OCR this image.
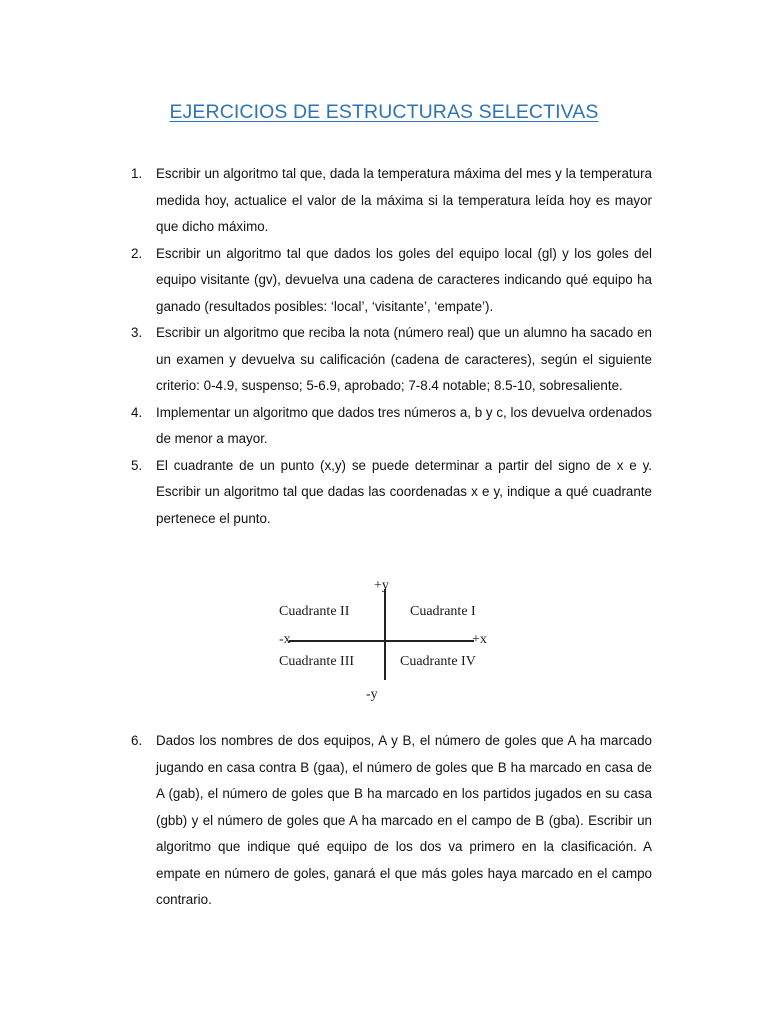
EJERCICIOS DE ESTRUCTURAS SELECTIVAS
1. Escribir un algoritmo tal que, dada la temperatura máxima del mes y la temperatura medida hoy, actualice el valor de la máxima si la temperatura leída hoy es mayor que dicho máximo.
2. Escribir un algoritmo tal que dados los goles del equipo local (gl) y los goles del equipo visitante (gv), devuelva una cadena de caracteres indicando qué equipo ha ganado (resultados posibles: ‘local’, ‘visitante’, ‘empate’).
3. Escribir un algoritmo que reciba la nota (número real) que un alumno ha sacado en un examen y devuelva su calificación (cadena de caracteres), según el siguiente criterio: 0-4.9, suspenso; 5-6.9, aprobado; 7-8.4 notable; 8.5-10, sobresaliente.
4. Implementar un algoritmo que dados tres números a, b y c, los devuelva ordenados de menor a mayor.
5. El cuadrante de un punto (x,y) se puede determinar a partir del signo de x e y. Escribir un algoritmo tal que dadas las coordenadas x e y, indique a qué cuadrante pertenece el punto.
+y
-y
-x	+x
Cuadrante II	Cuadrante I
Cuadrante III	Cuadrante IV
6. Dados los nombres de dos equipos, A y B, el número de goles que A ha marcado jugando en casa contra B (gaa), el número de goles que B ha marcado en casa de A (gab), el número de goles que B ha marcado en los partidos jugados en su casa (gbb) y el número de goles que A ha marcado en el campo de B (gba). Escribir un algoritmo que indique qué equipo de los dos va primero en la clasificación. A empate en número de goles, ganará el que más goles haya marcado en el campo contrario.
